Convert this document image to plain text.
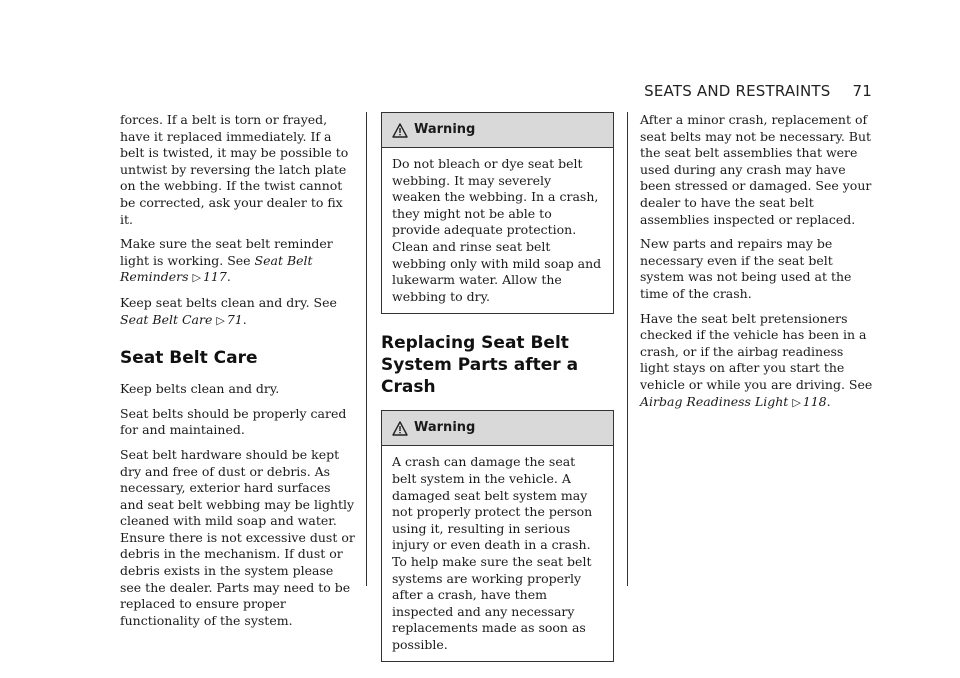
SEATS AND RESTRAINTS 71

forces. If a belt is torn or frayed, have it replaced immediately. If a belt is twisted, it may be possible to untwist by reversing the latch plate on the webbing. If the twist cannot be corrected, ask your dealer to fix it.

Make sure the seat belt reminder light is working. See Seat Belt Reminders ▷ 117.

Keep seat belts clean and dry. See Seat Belt Care ▷ 71.

Seat Belt Care

Keep belts clean and dry.

Seat belts should be properly cared for and maintained.

Seat belt hardware should be kept dry and free of dust or debris. As necessary, exterior hard surfaces and seat belt webbing may be lightly cleaned with mild soap and water. Ensure there is not excessive dust or debris in the mechanism. If dust or debris exists in the system please see the dealer. Parts may need to be replaced to ensure proper functionality of the system.

Warning
Do not bleach or dye seat belt webbing. It may severely weaken the webbing. In a crash, they might not be able to provide adequate protection. Clean and rinse seat belt webbing only with mild soap and lukewarm water. Allow the webbing to dry.
Replacing Seat Belt System Parts after a Crash
Warning
A crash can damage the seat belt system in the vehicle. A damaged seat belt system may not properly protect the person using it, resulting in serious injury or even death in a crash. To help make sure the seat belt systems are working properly after a crash, have them inspected and any necessary replacements made as soon as possible.

After a minor crash, replacement of seat belts may not be necessary. But the seat belt assemblies that were used during any crash may have been stressed or damaged. See your dealer to have the seat belt assemblies inspected or replaced.

New parts and repairs may be necessary even if the seat belt system was not being used at the time of the crash.

Have the seat belt pretensioners checked if the vehicle has been in a crash, or if the airbag readiness light stays on after you start the vehicle or while you are driving. See Airbag Readiness Light ▷ 118.
